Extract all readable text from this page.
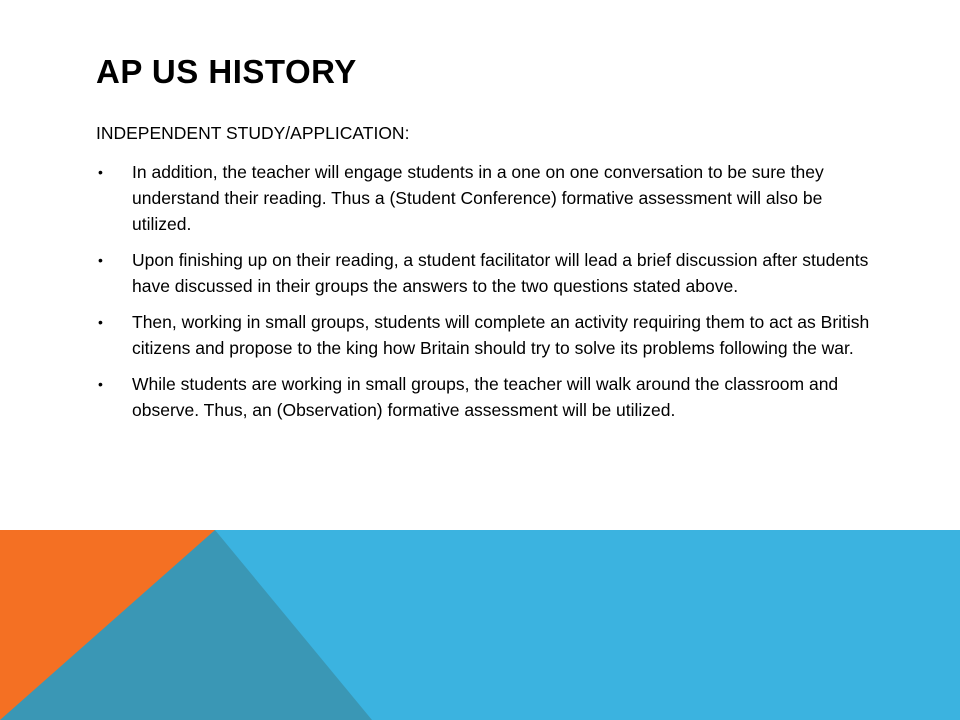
AP US HISTORY

INDEPENDENT STUDY/APPLICATION:

• In addition, the teacher will engage students in a one on one conversation to be sure they understand their reading. Thus a (Student Conference) formative assessment will also be utilized.
• Upon finishing up on their reading, a student facilitator will lead a brief discussion after students have discussed in their groups the answers to the two questions stated above.
• Then, working in small groups, students will complete an activity requiring them to act as British citizens and propose to the king how Britain should try to solve its problems following the war.
• While students are working in small groups, the teacher will walk around the classroom and observe. Thus, an (Observation) formative assessment will be utilized.
